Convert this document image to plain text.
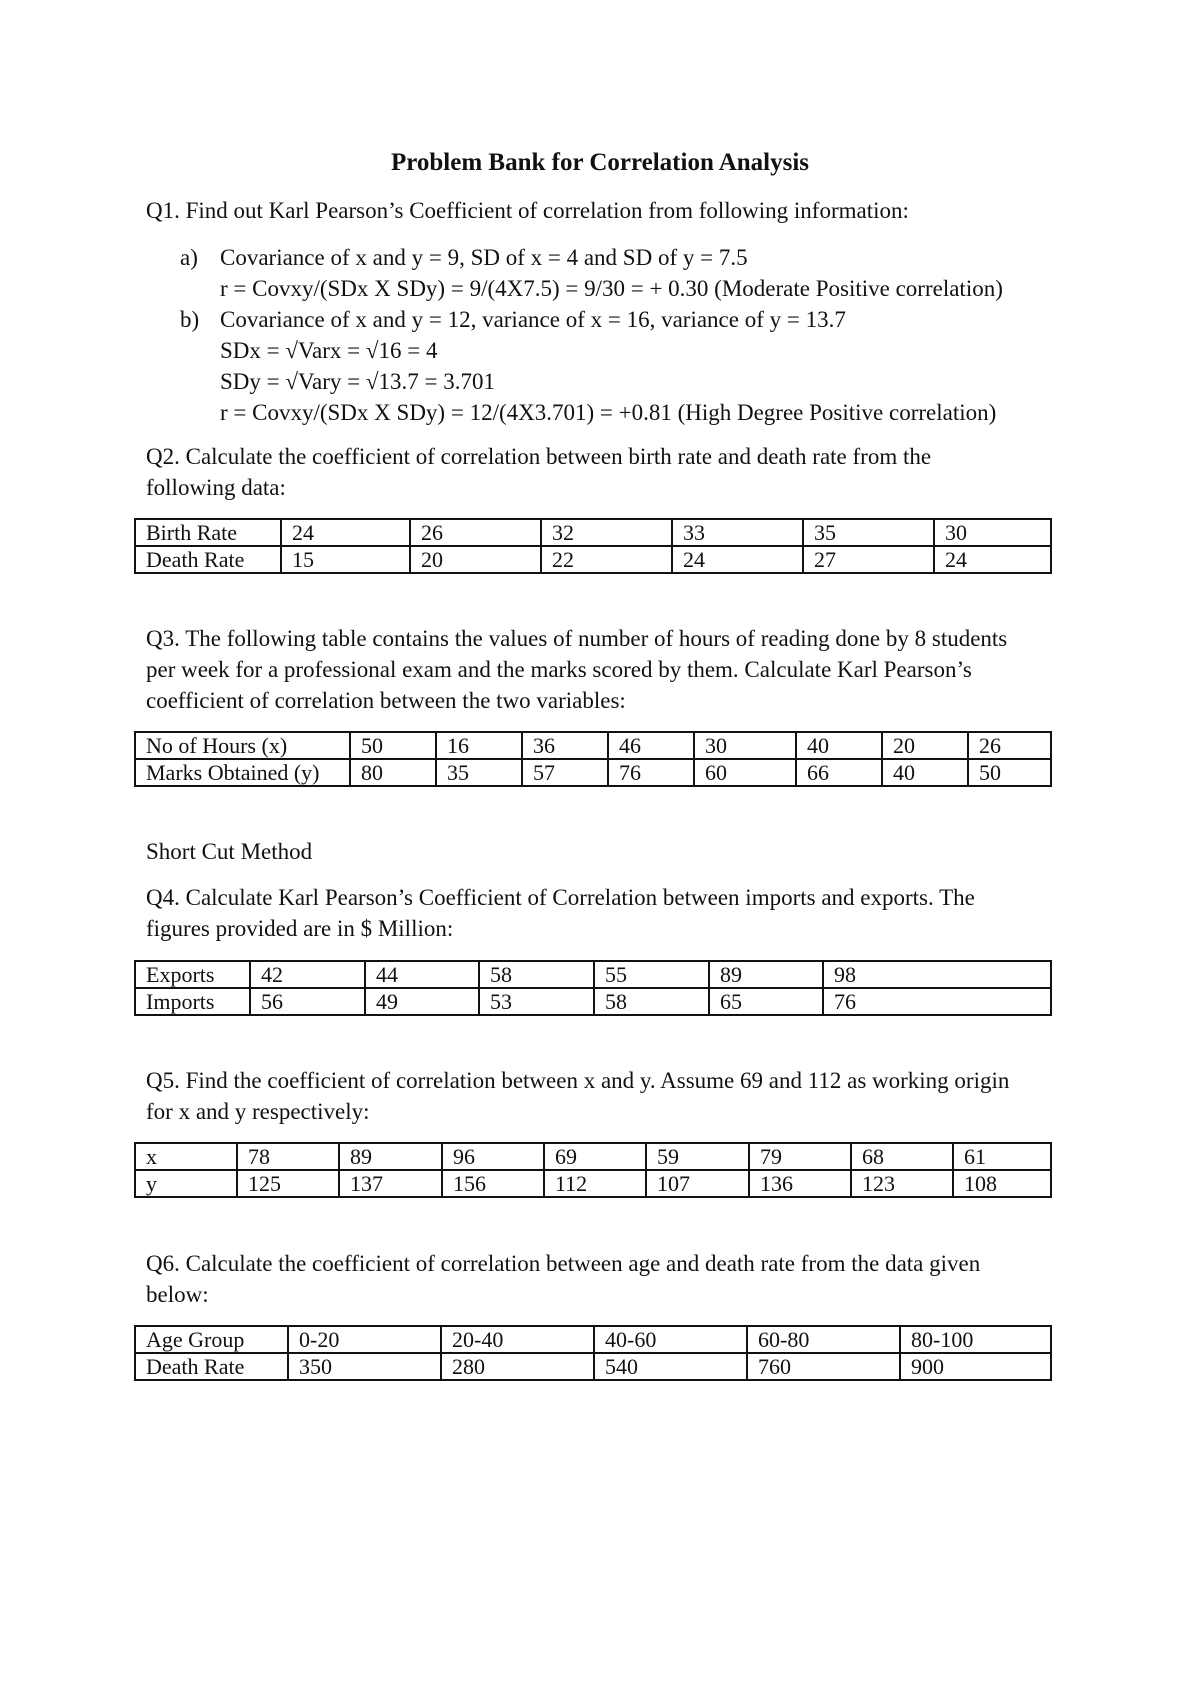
Problem Bank for Correlation Analysis
Q1. Find out Karl Pearson’s Coefficient of correlation from following information:
a) Covariance of x and y = 9, SD of x = 4 and SD of y = 7.5
r = Covxy/(SDx X SDy) = 9/(4X7.5) = 9/30 = + 0.30 (Moderate Positive correlation)
b) Covariance of x and y = 12, variance of x = 16, variance of y = 13.7
SDx = √Varx = √16 = 4
SDy = √Vary = √13.7 = 3.701
r = Covxy/(SDx X SDy) = 12/(4X3.701) = +0.81 (High Degree Positive correlation)
Q2. Calculate the coefficient of correlation between birth rate and death rate from the
following data:
Birth Rate	24	26	32	33	35	30
Death Rate	15	20	22	24	27	24
Q3. The following table contains the values of number of hours of reading done by 8 students
per week for a professional exam and the marks scored by them. Calculate Karl Pearson’s
coefficient of correlation between the two variables:
No of Hours (x)	50	16	36	46	30	40	20	26
Marks Obtained (y)	80	35	57	76	60	66	40	50
Short Cut Method
Q4. Calculate Karl Pearson’s Coefficient of Correlation between imports and exports. The
figures provided are in $ Million:
Exports	42	44	58	55	89	98
Imports	56	49	53	58	65	76
Q5. Find the coefficient of correlation between x and y. Assume 69 and 112 as working origin
for x and y respectively:
x	78	89	96	69	59	79	68	61
y	125	137	156	112	107	136	123	108
Q6. Calculate the coefficient of correlation between age and death rate from the data given
below:
Age Group	0-20	20-40	40-60	60-80	80-100
Death Rate	350	280	540	760	900
